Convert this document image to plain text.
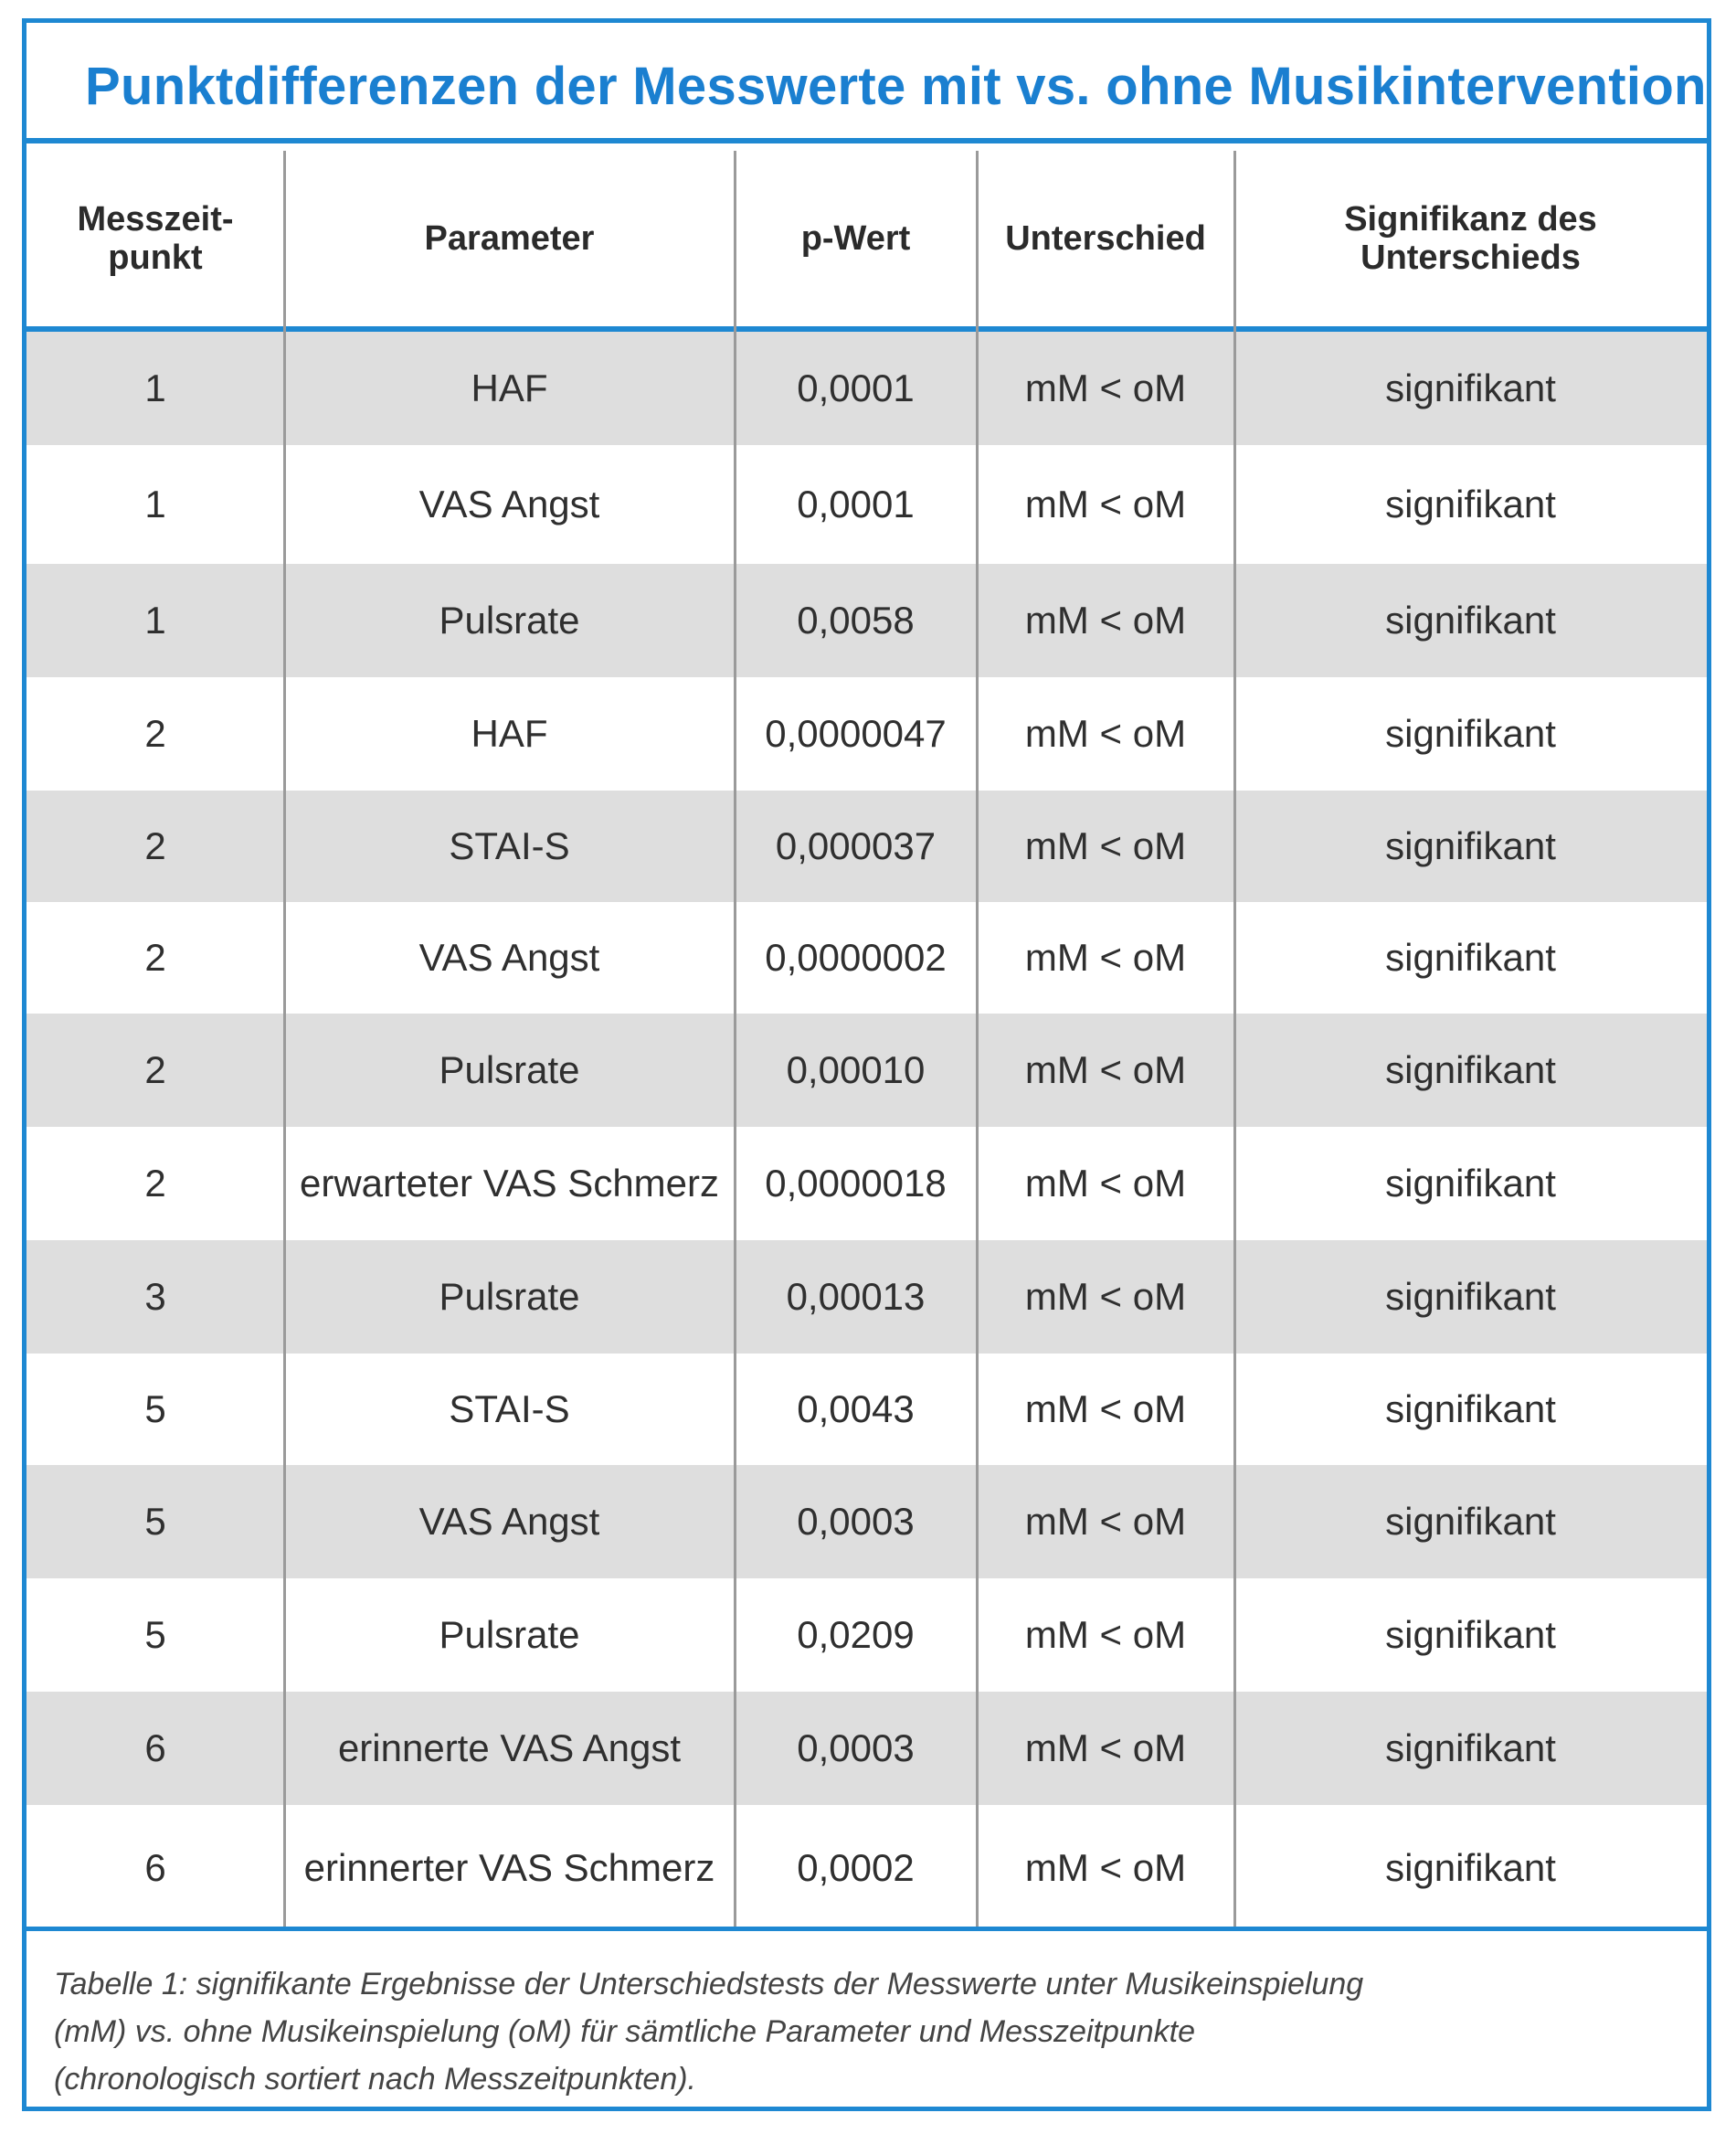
Punktdifferenzen der Messwerte mit vs. ohne Musikintervention
Messzeit-
punkt	Parameter	p-Wert	Unterschied	Signifikanz des
Unterschieds
1	HAF	0,0001	mM < oM	signifikant
1	VAS Angst	0,0001	mM < oM	signifikant
1	Pulsrate	0,0058	mM < oM	signifikant
2	HAF	0,0000047	mM < oM	signifikant
2	STAI-S	0,000037	mM < oM	signifikant
2	VAS Angst	0,0000002	mM < oM	signifikant
2	Pulsrate	0,00010	mM < oM	signifikant
2	erwarteter VAS Schmerz	0,0000018	mM < oM	signifikant
3	Pulsrate	0,00013	mM < oM	signifikant
5	STAI-S	0,0043	mM < oM	signifikant
5	VAS Angst	0,0003	mM < oM	signifikant
5	Pulsrate	0,0209	mM < oM	signifikant
6	erinnerte VAS Angst	0,0003	mM < oM	signifikant
6	erinnerter VAS Schmerz	0,0002	mM < oM	signifikant
Tabelle 1: signifikante Ergebnisse der Unterschiedstests der Messwerte unter Musikeinspielung
(mM) vs. ohne Musikeinspielung (oM) für sämtliche Parameter und Messzeitpunkte
(chronologisch sortiert nach Messzeitpunkten).
